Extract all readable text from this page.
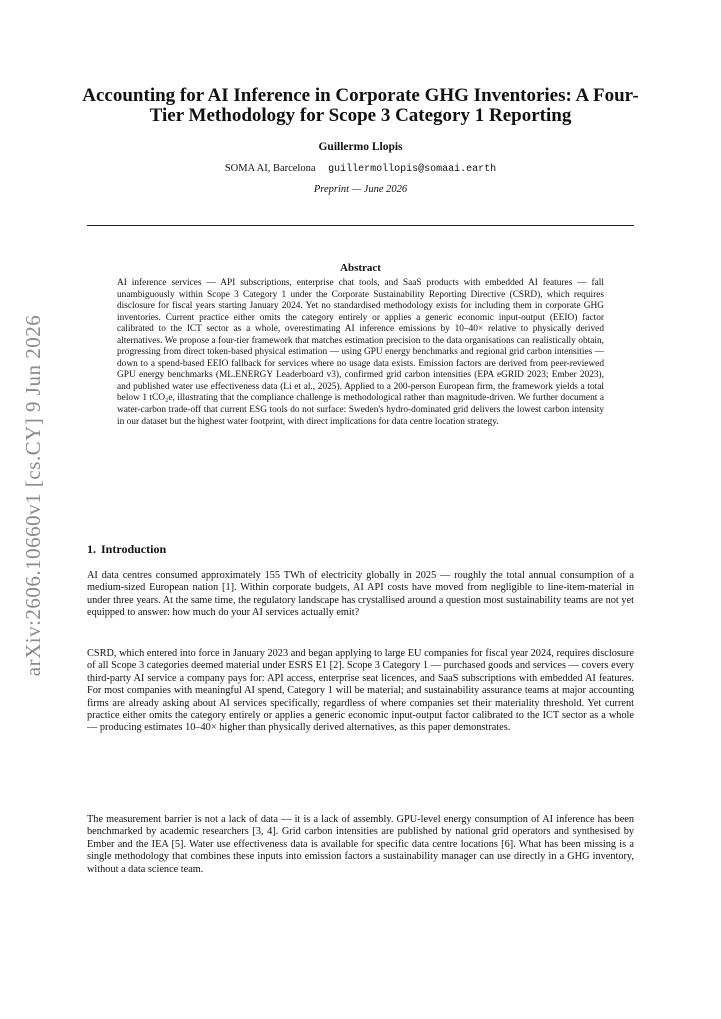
arXiv:2606.10660v1 [cs.CY] 9 Jun 2026
Accounting for AI Inference in Corporate GHG Inventories: A Four-Tier Methodology for Scope 3 Category 1 Reporting
Guillermo Llopis
SOMA AI, Barcelona guillermollopis@somaai.earth
Preprint — June 2026
Abstract

AI inference services — API subscriptions, enterprise chat tools, and SaaS products with embedded AI features — fall unambiguously within Scope 3 Category 1 under the Corporate Sustainability Reporting Directive (CSRD), which requires disclosure for fiscal years starting January 2024. Yet no standardised methodology exists for including them in corporate GHG inventories. Current practice either omits the category entirely or applies a generic economic input-output (EEIO) factor calibrated to the ICT sector as a whole, overestimating AI inference emissions by 10–40× relative to physically derived alternatives. We propose a four-tier framework that matches estimation precision to the data organisations can realistically obtain, progressing from direct token-based physical estimation — using GPU energy benchmarks and regional grid carbon intensities — down to a spend-based EEIO fallback for services where no usage data exists. Emission factors are derived from peer-reviewed GPU energy benchmarks (ML.ENERGY Leaderboard v3), confirmed grid carbon intensities (EPA eGRID 2023; Ember 2023), and published water use effectiveness data (Li et al., 2025). Applied to a 200-person European firm, the framework yields a total below 1 tCO₂e, illustrating that the compliance challenge is methodological rather than magnitude-driven. We further document a water-carbon trade-off that current ESG tools do not surface: Sweden's hydro-dominated grid delivers the lowest carbon intensity in our dataset but the highest water footprint, with direct implications for data centre location strategy.

1. Introduction

AI data centres consumed approximately 155 TWh of electricity globally in 2025 — roughly the total annual consumption of a medium-sized European nation [1]. Within corporate budgets, AI API costs have moved from negligible to line-item-material in under three years. At the same time, the regulatory landscape has crystallised around a question most sustainability teams are not yet equipped to answer: how much do your AI services actually emit?

CSRD, which entered into force in January 2023 and began applying to large EU companies for fiscal year 2024, requires disclosure of all Scope 3 categories deemed material under ESRS E1 [2]. Scope 3 Category 1 — purchased goods and services — covers every third-party AI service a company pays for: API access, enterprise seat licences, and SaaS subscriptions with embedded AI features. For most companies with meaningful AI spend, Category 1 will be material; and sustainability assurance teams at major accounting firms are already asking about AI services specifically, regardless of where companies set their materiality threshold. Yet current practice either omits the category entirely or applies a generic economic input-output factor calibrated to the ICT sector as a whole — producing estimates 10–40× higher than physically derived alternatives, as this paper demonstrates.

The measurement barrier is not a lack of data — it is a lack of assembly. GPU-level energy consumption of AI inference has been benchmarked by academic researchers [3, 4]. Grid carbon intensities are published by national grid operators and synthesised by Ember and the IEA [5]. Water use effectiveness data is available for specific data centre locations [6]. What has been missing is a single methodology that combines these inputs into emission factors a sustainability manager can use directly in a GHG inventory, without a data science team.
